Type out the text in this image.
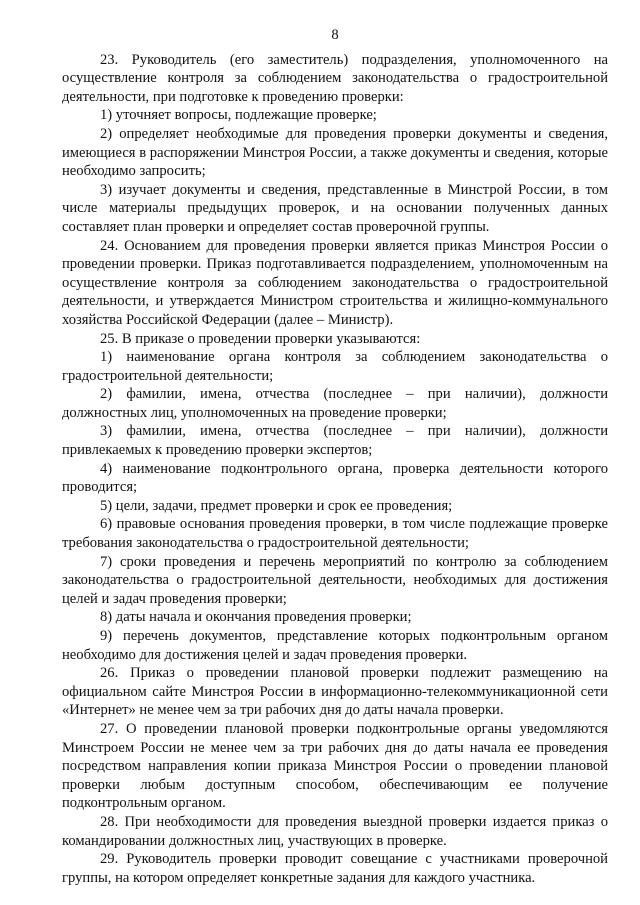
8

23. Руководитель (его заместитель) подразделения, уполномоченного на осуществление контроля за соблюдением законодательства о градостроительной деятельности, при подготовке к проведению проверки:

1) уточняет вопросы, подлежащие проверке;

2) определяет необходимые для проведения проверки документы и сведения, имеющиеся в распоряжении Минстроя России, а также документы и сведения, которые необходимо запросить;

3) изучает документы и сведения, представленные в Минстрой России, в том числе материалы предыдущих проверок, и на основании полученных данных составляет план проверки и определяет состав проверочной группы.

24. Основанием для проведения проверки является приказ Минстроя России о проведении проверки. Приказ подготавливается подразделением, уполномоченным на осуществление контроля за соблюдением законодательства о градостроительной деятельности, и утверждается Министром строительства и жилищно-коммунального хозяйства Российской Федерации (далее – Министр).

25. В приказе о проведении проверки указываются:

1) наименование органа контроля за соблюдением законодательства о градостроительной деятельности;

2) фамилии, имена, отчества (последнее – при наличии), должности должностных лиц, уполномоченных на проведение проверки;

3) фамилии, имена, отчества (последнее – при наличии), должности привлекаемых к проведению проверки экспертов;

4) наименование подконтрольного органа, проверка деятельности которого проводится;

5) цели, задачи, предмет проверки и срок ее проведения;

6) правовые основания проведения проверки, в том числе подлежащие проверке требования законодательства о градостроительной деятельности;

7) сроки проведения и перечень мероприятий по контролю за соблюдением законодательства о градостроительной деятельности, необходимых для достижения целей и задач проведения проверки;

8) даты начала и окончания проведения проверки;

9) перечень документов, представление которых подконтрольным органом необходимо для достижения целей и задач проведения проверки.

26. Приказ о проведении плановой проверки подлежит размещению на официальном сайте Минстроя России в информационно-телекоммуникационной сети «Интернет» не менее чем за три рабочих дня до даты начала проверки.

27. О проведении плановой проверки подконтрольные органы уведомляются Минстроем России не менее чем за три рабочих дня до даты начала ее проведения посредством направления копии приказа Минстроя России о проведении плановой проверки любым доступным способом, обеспечивающим ее получение подконтрольным органом.

28. При необходимости для проведения выездной проверки издается приказ о командировании должностных лиц, участвующих в проверке.

29. Руководитель проверки проводит совещание с участниками проверочной группы, на котором определяет конкретные задания для каждого участника.
